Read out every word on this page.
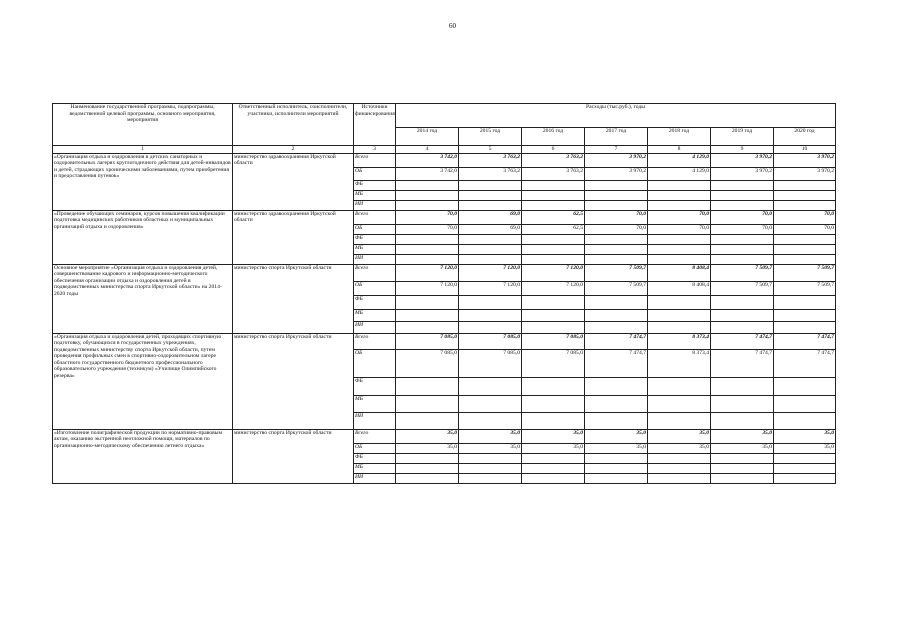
60
Наименование государственной программы, подпрограммы, ведомственной целевой программы, основного мероприятия, мероприятия	Ответственный исполнитель, соисполнители, участники, исполнители мероприятий	Источники финансирования	Расходы (тыс.руб.), годы						
			2014 год	2015 год	2016 год	2017 год	2018 год	2019 год	2020 год
1	2	3	4	5	6	7	8	9	10
«Организация отдыха и оздоровления в детских санаторных и оздоровительных лагерях круглогодичного действия для детей-инвалидов и детей, страдающих хроническими заболеваниями, путем приобретения и предоставления путевок»	министерство здравоохранения Иркутской области	Всего	3 742,0	3 763,2	3 763,2	3 970,2	4 129,0	3 970,2	3 970,2
		ОБ	3 742,0	3 763,2	3 763,2	3 970,2	4 129,0	3 970,2	3 970,2
		ФБ							
		МБ							
		ИИ							
«Проведение обучающих семинаров, курсов повышения квалификации подготовка медицинских работников областных и муниципальных организаций отдыха и оздоровления»	министерство здравоохранения Иркутской области	Всего	70,0	69,0	62,5	70,0	70,0	70,0	70,0
		ОБ	70,0	69,0	62,5	70,0	70,0	70,0	70,0
		ФБ							
		МБ							
		ИИ							
Основное мероприятие «Организация отдыха и оздоровления детей, совершенствование кадрового и информационно-методического обеспечения организации отдыха и оздоровления детей в подведомственных министерства спорта Иркутской области» на 2014-2020 годы	министерство спорта Иркутской области	Всего	7 120,0	7 120,0	7 120,0	7 509,7	8 408,4	7 509,7	7 509,7
		ОБ	7 120,0	7 120,0	7 120,0	7 509,7	8 408,4	7 509,7	7 509,7
		ФБ							
		МБ							
		ИИ							
«Организация отдыха и оздоровления детей, проходящих спортивную подготовку, обучающихся в государственных учреждениях, подведомственных министерству спорта Иркутской области, путем проведения профильных смен в спортивно-оздоровительном лагере областного государственного бюджетного профессионального образовательного учреждения (техникум) «Училище Олимпийского резерва»	министерство спорта Иркутской области	Всего	7 085,0	7 085,0	7 085,0	7 474,7	8 373,4	7 474,7	7 474,7
		ОБ	7 085,0	7 085,0	7 085,0	7 474,7	8 373,4	7 474,7	7 474,7
		ФБ							
		МБ							
		ИИ							
«Изготовление полиграфической продукции по нормативно-правовым актам, оказанию экстренной неотложной помощи, материалов по организационно-методическому обеспечению летнего отдыха»	министерство спорта Иркутской области	Всего	35,0	35,0	35,0	35,0	35,0	35,0	35,0
		ОБ	35,0	35,0	35,0	35,0	35,0	35,0	35,0
		ФБ							
		МБ							
		ИИ							
